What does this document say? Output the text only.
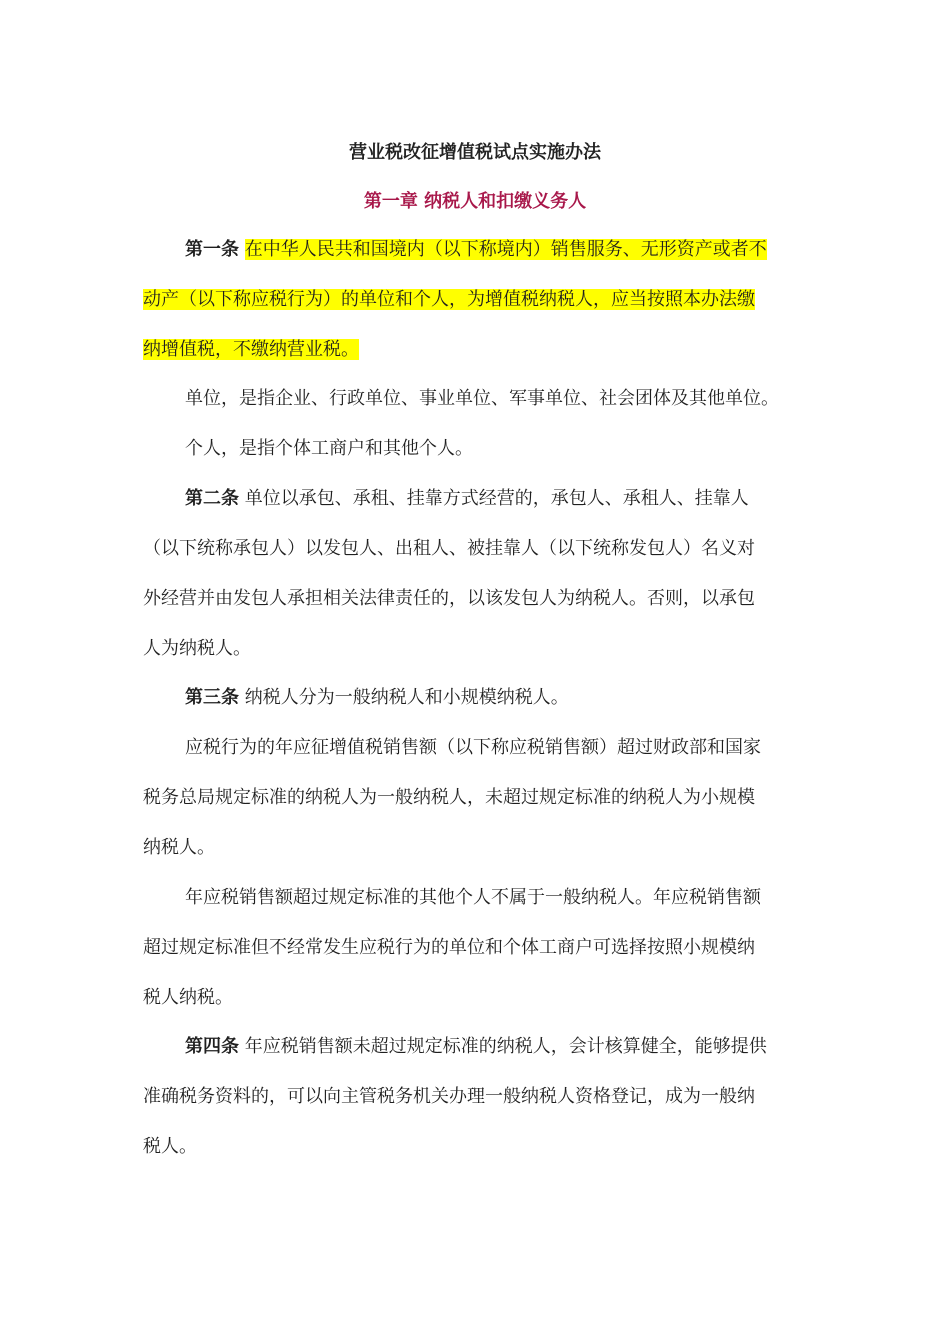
营业税改征增值税试点实施办法
第一章 纳税人和扣缴义务人
第一条 在中华人民共和国境内（以下称境内）销售服务、无形资产或者不
动产（以下称应税行为）的单位和个人，为增值税纳税人，应当按照本办法缴
纳增值税，不缴纳营业税。
单位，是指企业、行政单位、事业单位、军事单位、社会团体及其他单位。
个人，是指个体工商户和其他个人。
第二条 单位以承包、承租、挂靠方式经营的，承包人、承租人、挂靠人
（以下统称承包人）以发包人、出租人、被挂靠人（以下统称发包人）名义对
外经营并由发包人承担相关法律责任的，以该发包人为纳税人。否则，以承包
人为纳税人。
第三条 纳税人分为一般纳税人和小规模纳税人。
应税行为的年应征增值税销售额（以下称应税销售额）超过财政部和国家
税务总局规定标准的纳税人为一般纳税人，未超过规定标准的纳税人为小规模
纳税人。
年应税销售额超过规定标准的其他个人不属于一般纳税人。年应税销售额
超过规定标准但不经常发生应税行为的单位和个体工商户可选择按照小规模纳
税人纳税。
第四条 年应税销售额未超过规定标准的纳税人，会计核算健全，能够提供
准确税务资料的，可以向主管税务机关办理一般纳税人资格登记，成为一般纳
税人。
